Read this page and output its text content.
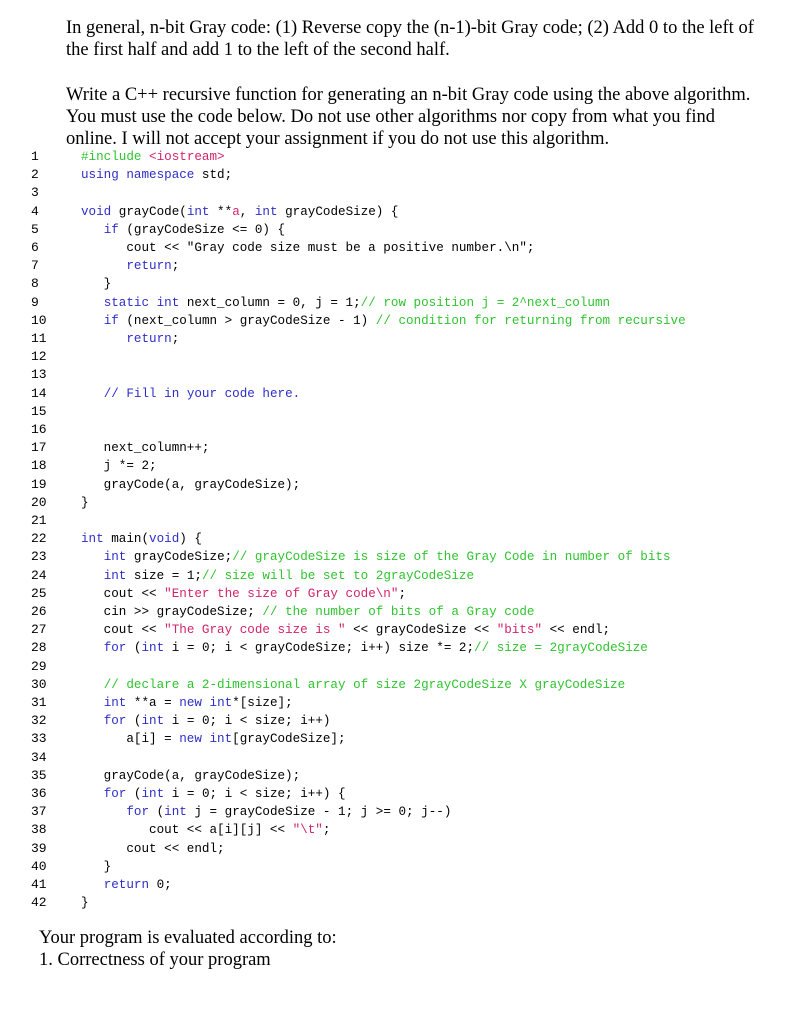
In general, n-bit Gray code: (1) Reverse copy the (n-1)-bit Gray code; (2) Add 0 to the left of
the first half and add 1 to the left of the second half.
Write a C++ recursive function for generating an n-bit Gray code using the above algorithm.
You must use the code below. Do not use other algorithms nor copy from what you find
online. I will not accept your assignment if you do not use this algorithm.
1	#include <iostream>
2	using namespace std;
3
4	void grayCode(int **a, int grayCodeSize) {
5	if (grayCodeSize <= 0) {
6	cout << "Gray code size must be a positive number.\n";
7	return;
8	}
9	static int next_column = 0, j = 1;// row position j = 2^next_column
10	if (next_column > grayCodeSize - 1) // condition for returning from recursive
11	return;
12
13
14	// Fill in your code here.
15
16
17	next_column++;
18	j *= 2;
19	grayCode(a, grayCodeSize);
20	}
21
22	int main(void) {
23	int grayCodeSize;// grayCodeSize is size of the Gray Code in number of bits
24	int size = 1;// size will be set to 2grayCodeSize
25	cout << "Enter the size of Gray code\n";
26	cin >> grayCodeSize; // the number of bits of a Gray code
27	cout << "The Gray code size is " << grayCodeSize << "bits" << endl;
28	for (int i = 0; i < grayCodeSize; i++) size *= 2;// size = 2grayCodeSize
29
30	// declare a 2-dimensional array of size 2grayCodeSize X grayCodeSize
31	int **a = new int*[size];
32	for (int i = 0; i < size; i++)
33	a[i] = new int[grayCodeSize];
34
35	grayCode(a, grayCodeSize);
36	for (int i = 0; i < size; i++) {
37	for (int j = grayCodeSize - 1; j >= 0; j--)
38	cout << a[i][j] << "\t";
39	cout << endl;
40	}
41	return 0;
42	}
Your program is evaluated according to:
1. Correctness of your program
